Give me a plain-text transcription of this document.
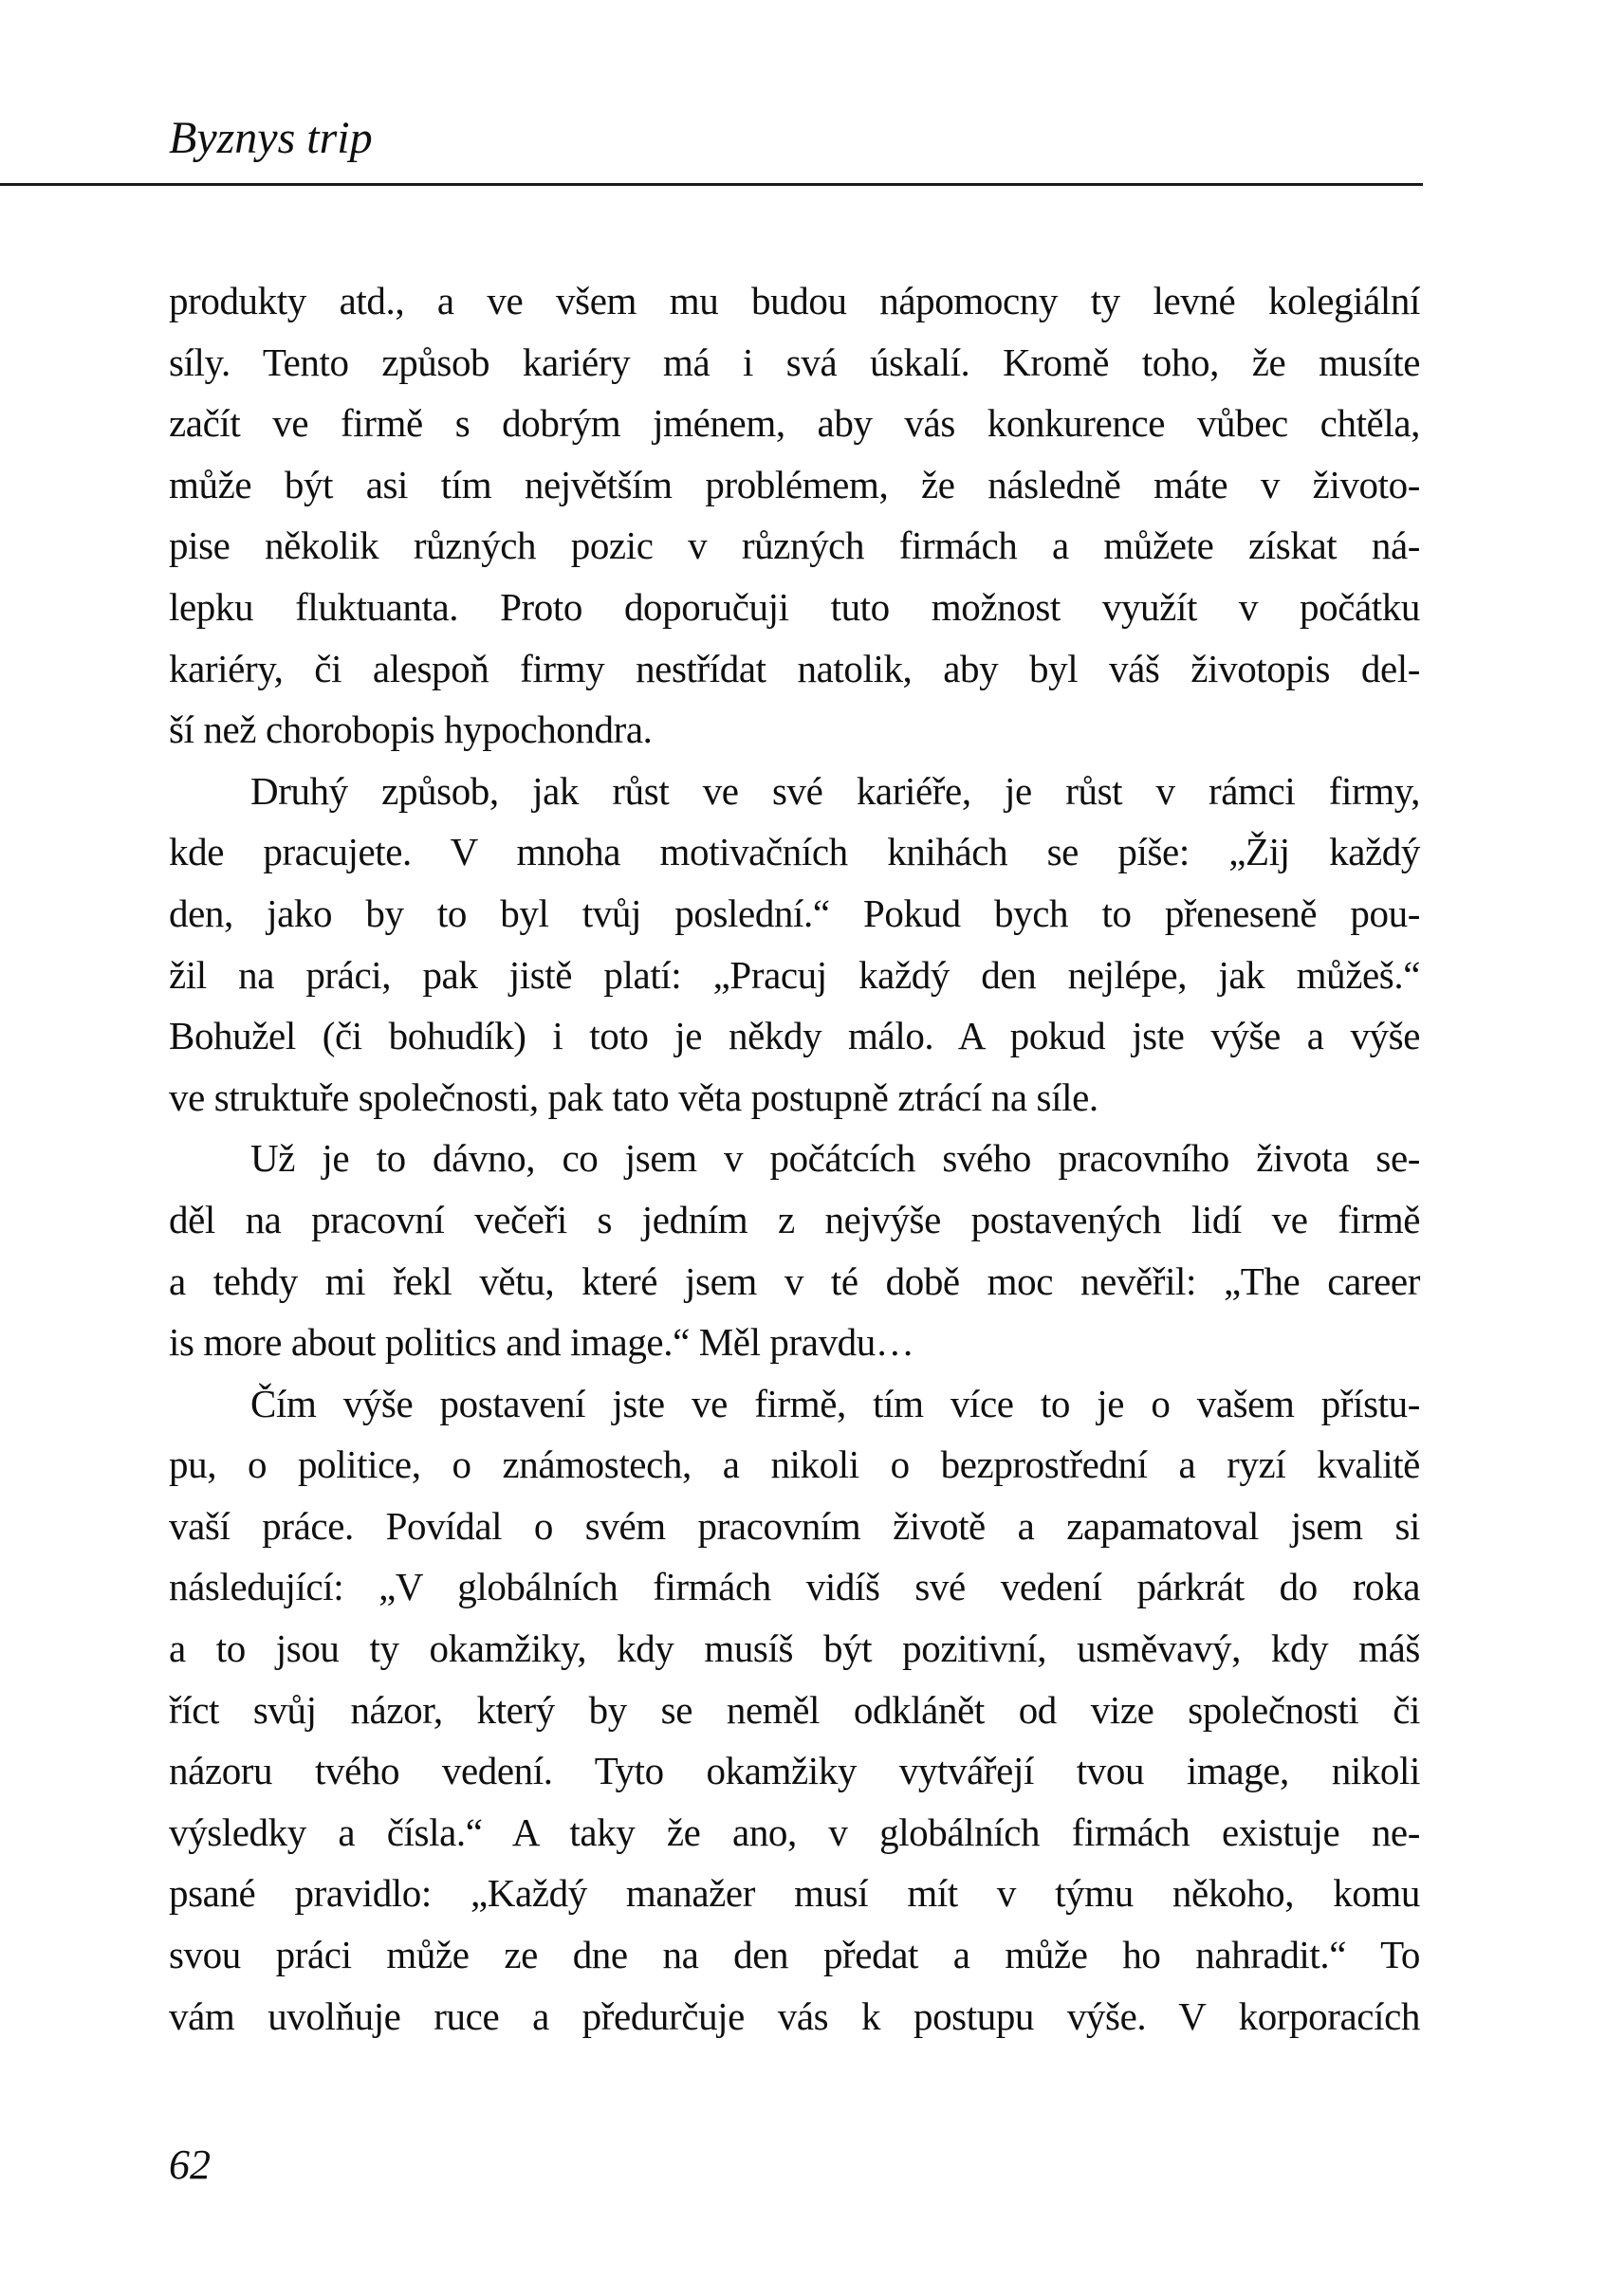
Byznys trip
produkty atd., a ve všem mu budou nápomocny ty levné kolegiální
síly. Tento způsob kariéry má i svá úskalí. Kromě toho, že musíte
začít ve firmě s dobrým jménem, aby vás konkurence vůbec chtěla,
může být asi tím největším problémem, že následně máte v životo-
pise několik různých pozic v různých firmách a můžete získat ná-
lepku fluktuanta. Proto doporučuji tuto možnost využít v počátku
kariéry, či alespoň firmy nestřídat natolik, aby byl váš životopis del-
ší než chorobopis hypochondra.
Druhý způsob, jak růst ve své kariéře, je růst v rámci firmy,
kde pracujete. V mnoha motivačních knihách se píše: „Žij každý
den, jako by to byl tvůj poslední.“ Pokud bych to přeneseně pou-
žil na práci, pak jistě platí: „Pracuj každý den nejlépe, jak můžeš.“
Bohužel (či bohudík) i toto je někdy málo. A pokud jste výše a výše
ve struktuře společnosti, pak tato věta postupně ztrácí na síle.
Už je to dávno, co jsem v počátcích svého pracovního života se-
děl na pracovní večeři s jedním z nejvýše postavených lidí ve firmě
a tehdy mi řekl větu, které jsem v té době moc nevěřil: „The career
is more about politics and image.“ Měl pravdu…
Čím výše postavení jste ve firmě, tím více to je o vašem přístu-
pu, o politice, o známostech, a nikoli o bezprostřední a ryzí kvalitě
vaší práce. Povídal o svém pracovním životě a zapamatoval jsem si
následující: „V globálních firmách vidíš své vedení párkrát do roka
a to jsou ty okamžiky, kdy musíš být pozitivní, usměvavý, kdy máš
říct svůj názor, který by se neměl odklánět od vize společnosti či
názoru tvého vedení. Tyto okamžiky vytvářejí tvou image, nikoli
výsledky a čísla.“ A taky že ano, v globálních firmách existuje ne-
psané pravidlo: „Každý manažer musí mít v týmu někoho, komu
svou práci může ze dne na den předat a může ho nahradit.“ To
vám uvolňuje ruce a předurčuje vás k postupu výše. V korporacích
62
